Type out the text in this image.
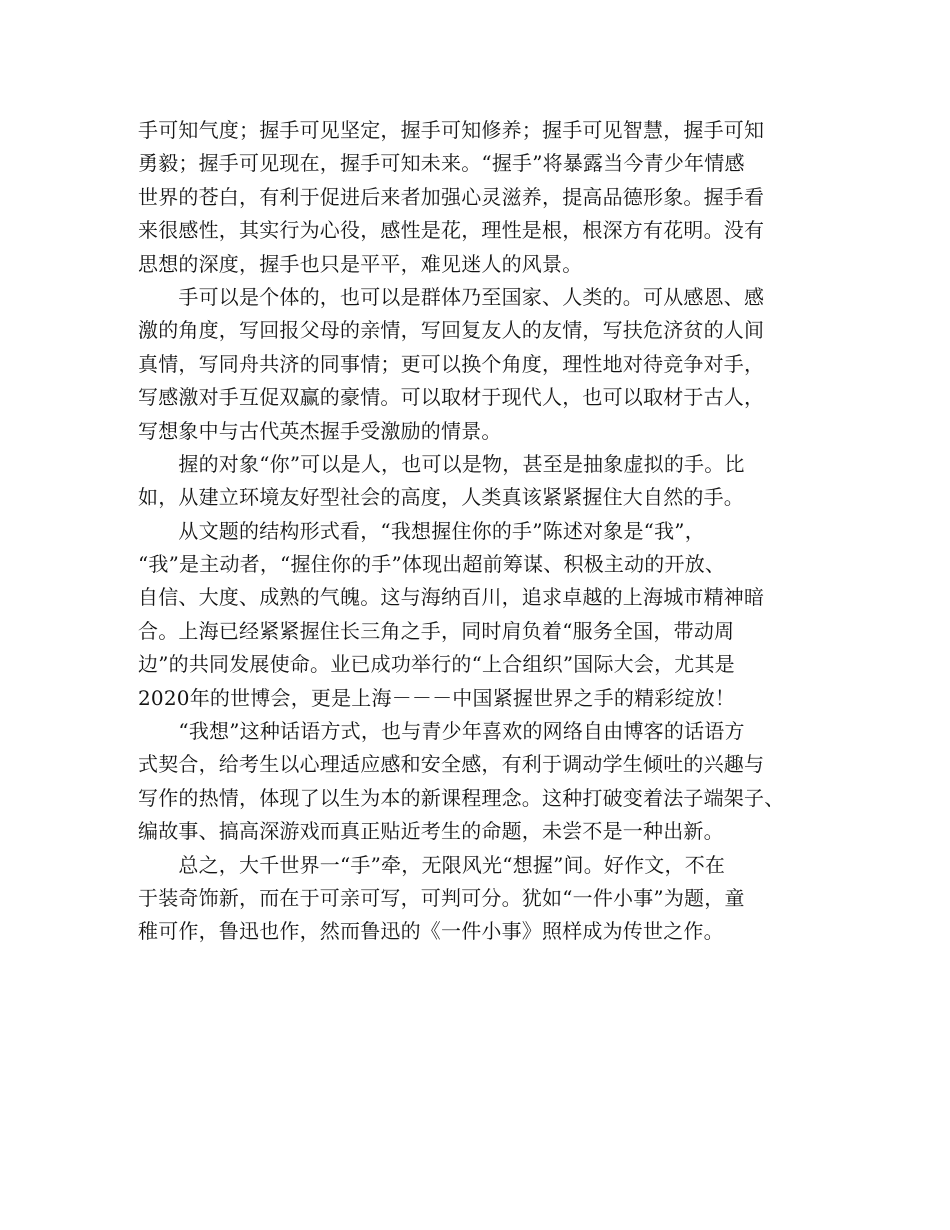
手可知气度；握手可见坚定，握手可知修养；握手可见智慧，握手可知
勇毅；握手可见现在，握手可知未来。“握手”将暴露当今青少年情感
世界的苍白，有利于促进后来者加强心灵滋养，提高品德形象。握手看
来很感性，其实行为心役，感性是花，理性是根，根深方有花明。没有
思想的深度，握手也只是平平，难见迷人的风景。
　　手可以是个体的，也可以是群体乃至国家、人类的。可从感恩、感
激的角度，写回报父母的亲情，写回复友人的友情，写扶危济贫的人间
真情，写同舟共济的同事情；更可以换个角度，理性地对待竞争对手，
写感激对手互促双赢的豪情。可以取材于现代人，也可以取材于古人，
写想象中与古代英杰握手受激励的情景。
　　握的对象“你”可以是人，也可以是物，甚至是抽象虚拟的手。比
如，从建立环境友好型社会的高度，人类真该紧紧握住大自然的手。
　　从文题的结构形式看，“我想握住你的手”陈述对象是“我”，
“我”是主动者，“握住你的手”体现出超前筹谋、积极主动的开放、
自信、大度、成熟的气魄。这与海纳百川，追求卓越的上海城市精神暗
合。上海已经紧紧握住长三角之手，同时肩负着“服务全国，带动周
边”的共同发展使命。业已成功举行的“上合组织”国际大会，尤其是
2020年的世博会，更是上海－－－中国紧握世界之手的精彩绽放！
　　“我想”这种话语方式，也与青少年喜欢的网络自由博客的话语方
式契合，给考生以心理适应感和安全感，有利于调动学生倾吐的兴趣与
写作的热情，体现了以生为本的新课程理念。这种打破变着法子端架子、
编故事、搞高深游戏而真正贴近考生的命题，未尝不是一种出新。
　　总之，大千世界一“手”牵，无限风光“想握”间。好作文，不在
于装奇饰新，而在于可亲可写，可判可分。犹如“一件小事”为题，童
稚可作，鲁迅也作，然而鲁迅的《一件小事》照样成为传世之作。
